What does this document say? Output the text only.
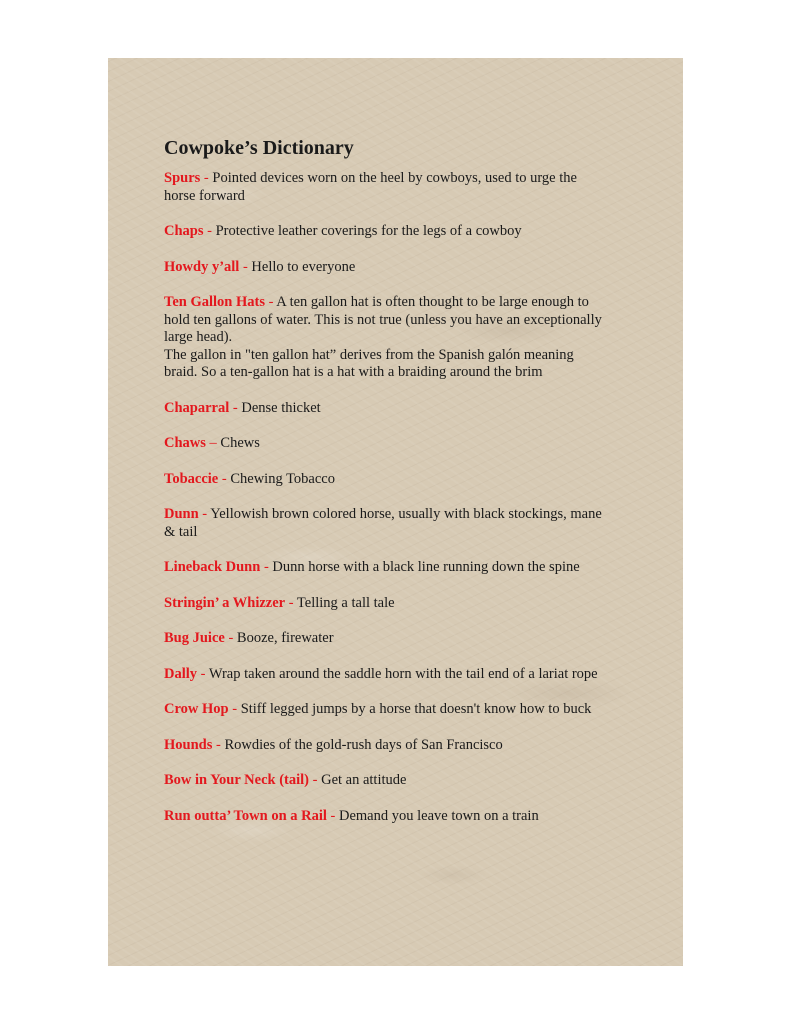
Cowpoke’s Dictionary
Spurs - Pointed devices worn on the heel by cowboys, used to urge the horse forward
Chaps - Protective leather coverings for the legs of a cowboy
Howdy y’all - Hello to everyone
Ten Gallon Hats - A ten gallon hat is often thought to be large enough to hold ten gallons of water. This is not true (unless you have an exceptionally large head).
The gallon in "ten gallon hat” derives from the Spanish galón meaning braid. So a ten-gallon hat is a hat with a braiding around the brim
Chaparral - Dense thicket
Chaws – Chews
Tobaccie - Chewing Tobacco
Dunn - Yellowish brown colored horse, usually with black stockings, mane & tail
Lineback Dunn - Dunn horse with a black line running down the spine
Stringin’ a Whizzer - Telling a tall tale
Bug Juice - Booze, firewater
Dally - Wrap taken around the saddle horn with the tail end of a lariat rope
Crow Hop - Stiff legged jumps by a horse that doesn't know how to buck
Hounds - Rowdies of the gold-rush days of San Francisco
Bow in Your Neck (tail) - Get an attitude
Run outta’ Town on a Rail - Demand you leave town on a train
